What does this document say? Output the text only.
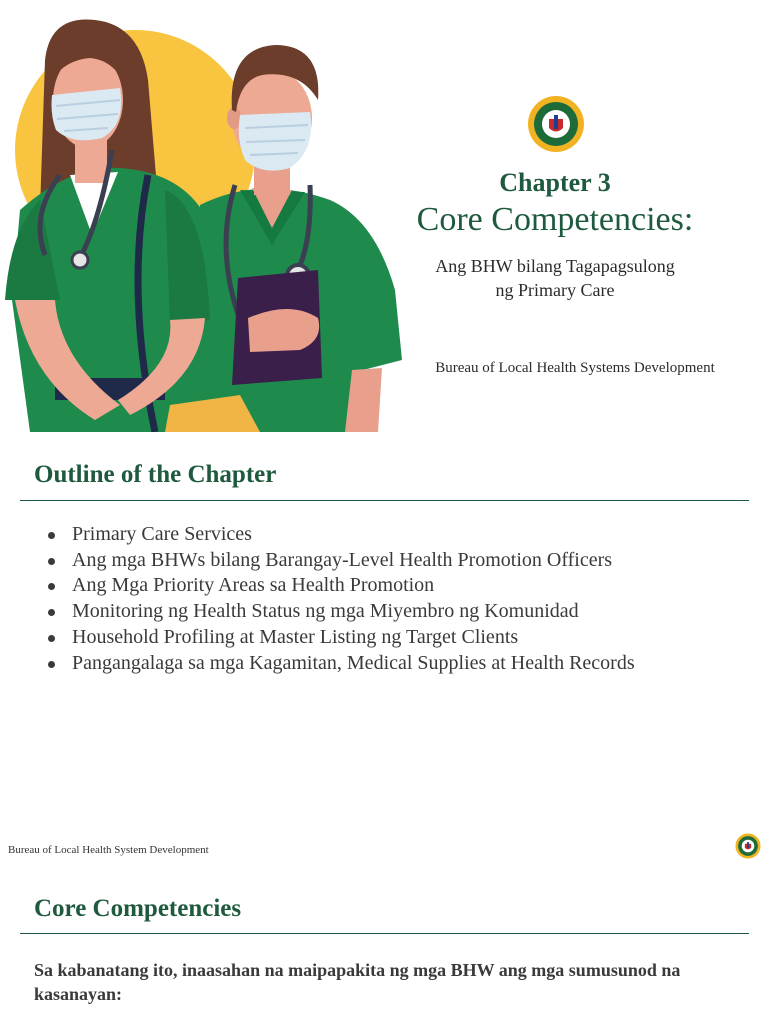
Chapter 3
Core Competencies:
Ang BHW bilang Tagapagsulong
ng Primary Care
Bureau of Local Health Systems Development
Outline of the Chapter
Primary Care Services
Ang mga BHWs bilang Barangay-Level Health Promotion Officers
Ang Mga Priority Areas sa Health Promotion
Monitoring ng Health Status ng mga Miyembro ng Komunidad
Household Profiling at Master Listing ng Target Clients
Pangangalaga sa mga Kagamitan, Medical Supplies at Health Records
Bureau of Local Health System Development
Core Competencies
Sa kabanatang ito, inaasahan na maipapakita ng mga BHW ang mga sumusunod na kasanayan:
